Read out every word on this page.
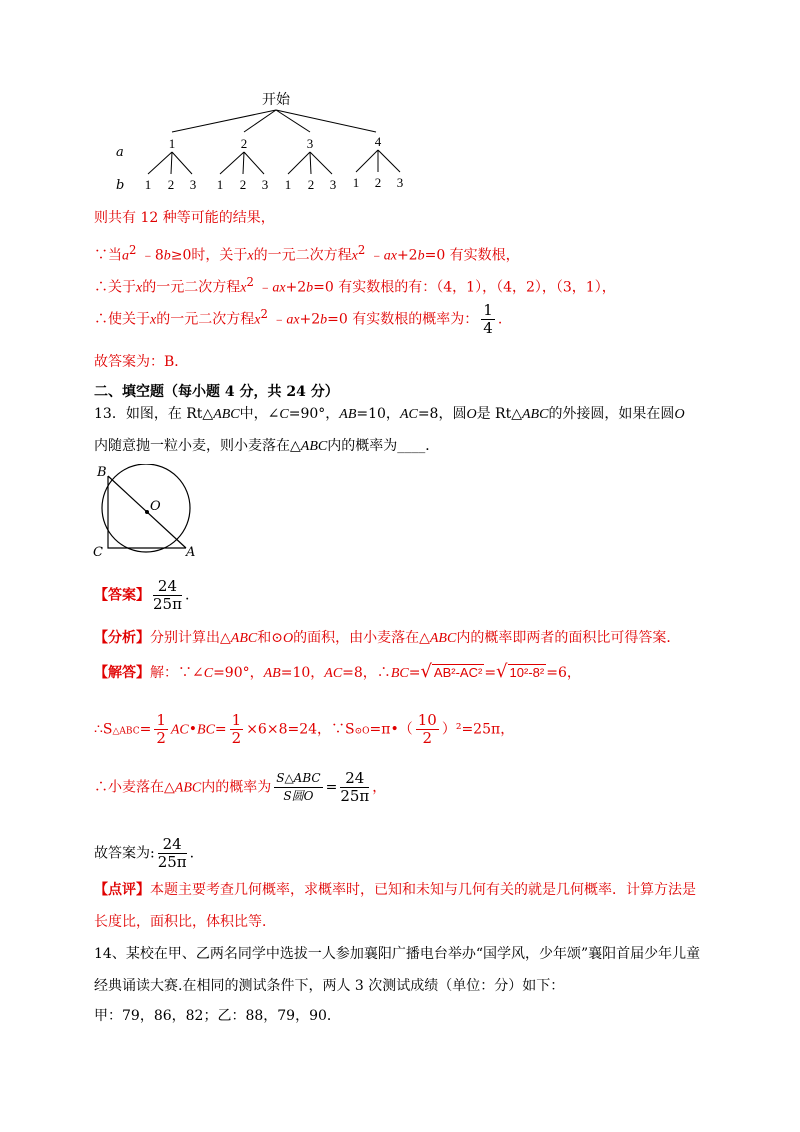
开始
a
b
1	2	3	4
1 2 3 1 2 3 1 2 3 1 2 3
则共有 12 种等可能的结果，
∵当$a^2$ ﹣8b≥0时，关于x的一元二次方程$x^2$ ﹣ax+2b=0 有实数根，
∴关于x的一元二次方程$x^2$ ﹣ax+2b=0 有实数根的有：（4，1），（4，2），（3，1），
∴使关于x的一元二次方程$x^2$ ﹣ax+2b=0 有实数根的概率为： $\frac{1}{4}$ .
故答案为：B．
二、填空题（每小题 4 分，共 24 分）
13．如图，在 Rt△ABC中，∠C=90°，AB=10，AC=8，圆O是 Rt△ABC的外接圆，如果在圆O
内随意抛一粒小麦，则小麦落在△ABC内的概率为____．
B
O
C	A
【答案】 $\frac{24}{25\pi}$ .
【分析】分别计算出△ABC和⊙O的面积，由小麦落在△ABC内的概率即两者的面积比可得答案．
【解答】解：∵∠C=90°，AB=10，AC=8，∴BC=√ AB²-AC² =√ 10²-8² =6，
∴S△ABC= $\frac{1}{2}$ AC•BC= $\frac{1}{2} \times 6\times 8=24$，∵S⊙O=π•（ $\frac{10}{2} )^2=25\pi$，
∴小麦落在△ABC内的概率为 $\frac{\text{S△ABC}}{\text{S圆O}} = \frac{24}{25\pi}$ ，
故答案为: $\frac{24}{25\pi}$ .
【点评】本题主要考查几何概率，求概率时，已知和未知与几何有关的就是几何概率．计算方法是
长度比，面积比，体积比等．
14、某校在甲、乙两名同学中选拔一人参加襄阳广播电台举办“国学风，少年颂”襄阳首届少年儿童
经典诵读大赛.在相同的测试条件下，两人 3 次测试成绩（单位：分）如下：
甲：79，86，82；乙：88，79，90．
